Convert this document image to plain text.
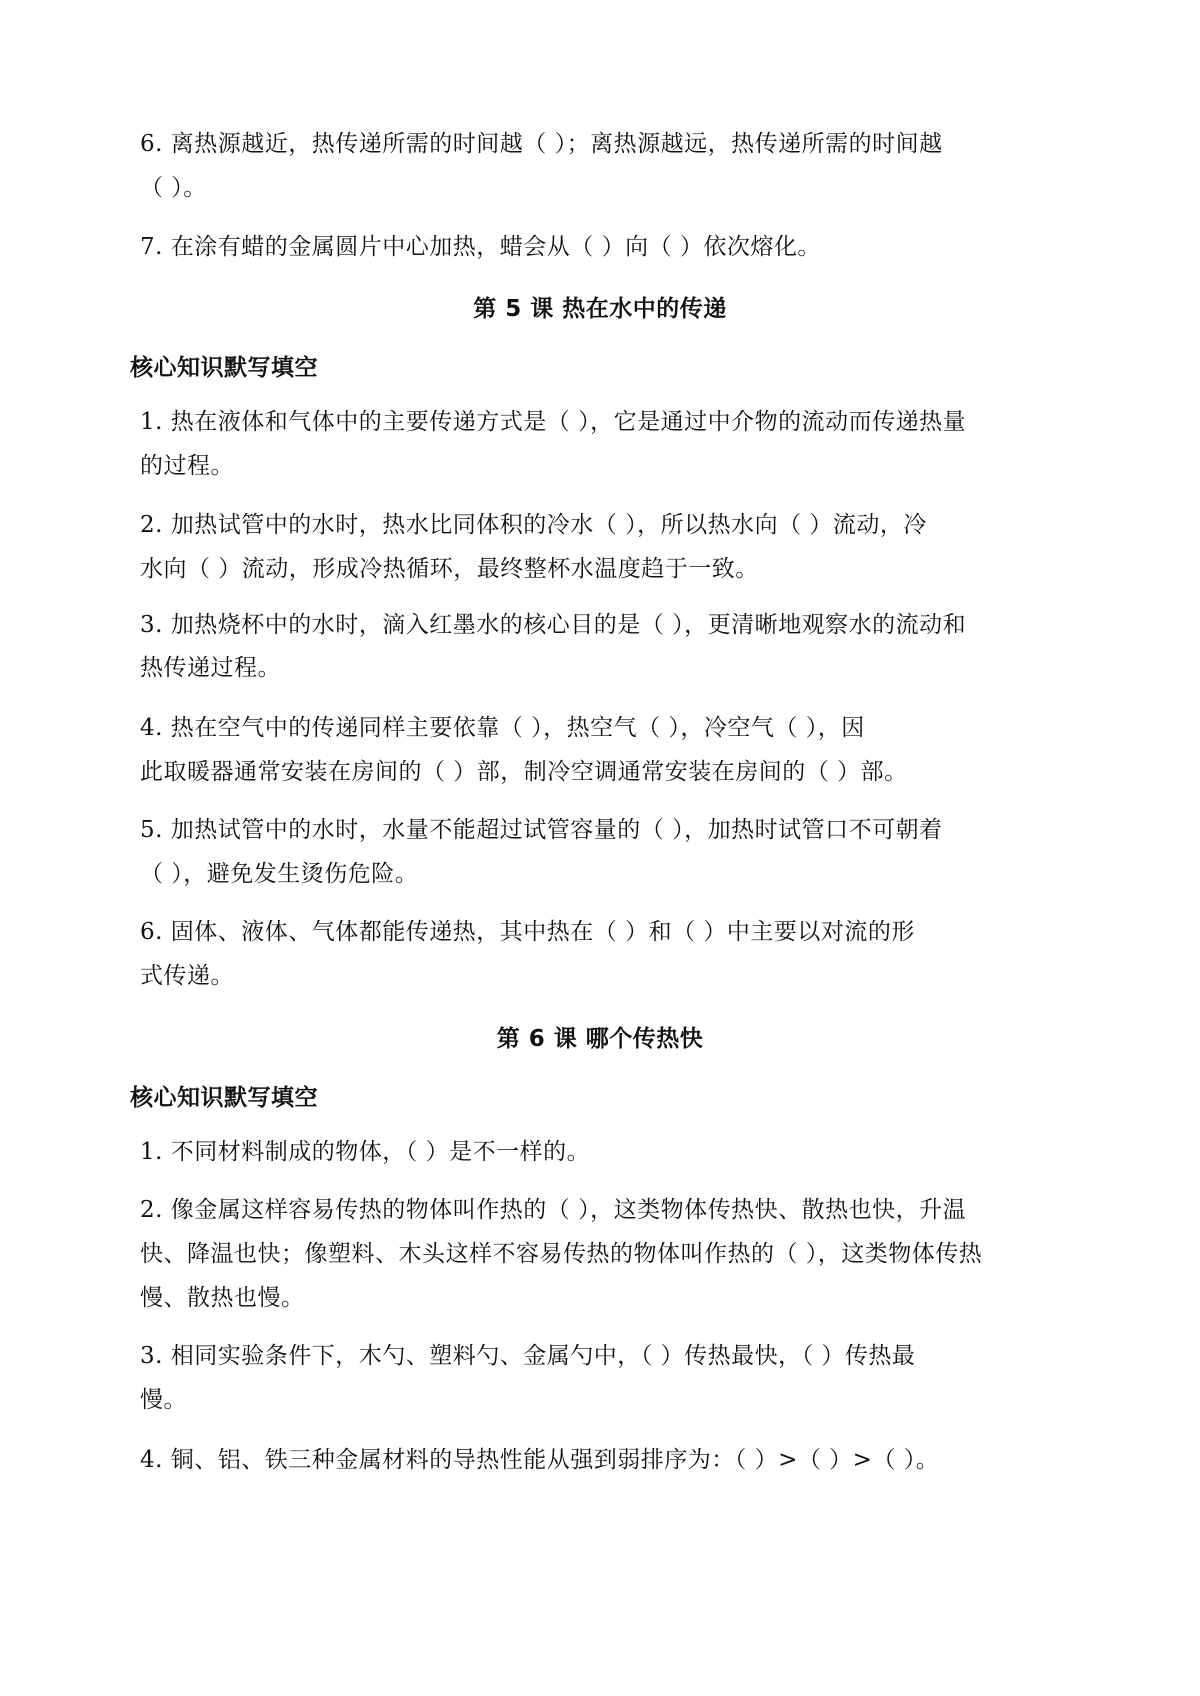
6. 离热源越近，热传递所需的时间越（ ）；离热源越远，热传递所需的时间越
（ ）。
7. 在涂有蜡的金属圆片中心加热，蜡会从（ ）向（ ）依次熔化。
第 5 课 热在水中的传递
核心知识默写填空
1. 热在液体和气体中的主要传递方式是（ ），它是通过中介物的流动而传递热量
的过程。
2. 加热试管中的水时，热水比同体积的冷水（ ），所以热水向（ ）流动，冷
水向（ ）流动，形成冷热循环，最终整杯水温度趋于一致。
3. 加热烧杯中的水时，滴入红墨水的核心目的是（ ），更清晰地观察水的流动和
热传递过程。
4. 热在空气中的传递同样主要依靠（ ），热空气（ ），冷空气（ ），因
此取暖器通常安装在房间的（ ）部，制冷空调通常安装在房间的（ ）部。
5. 加热试管中的水时，水量不能超过试管容量的（ ），加热时试管口不可朝着
（ ），避免发生烫伤危险。
6. 固体、液体、气体都能传递热，其中热在（ ）和（ ）中主要以对流的形
式传递。
第 6 课 哪个传热快
核心知识默写填空
1. 不同材料制成的物体，（ ）是不一样的。
2. 像金属这样容易传热的物体叫作热的（ ），这类物体传热快、散热也快，升温
快、降温也快；像塑料、木头这样不容易传热的物体叫作热的（ ），这类物体传热
慢、散热也慢。
3. 相同实验条件下，木勺、塑料勺、金属勺中，（ ）传热最快，（ ）传热最
慢。
4. 铜、铝、铁三种金属材料的导热性能从强到弱排序为：（ ）>（ ）>（ ）。
